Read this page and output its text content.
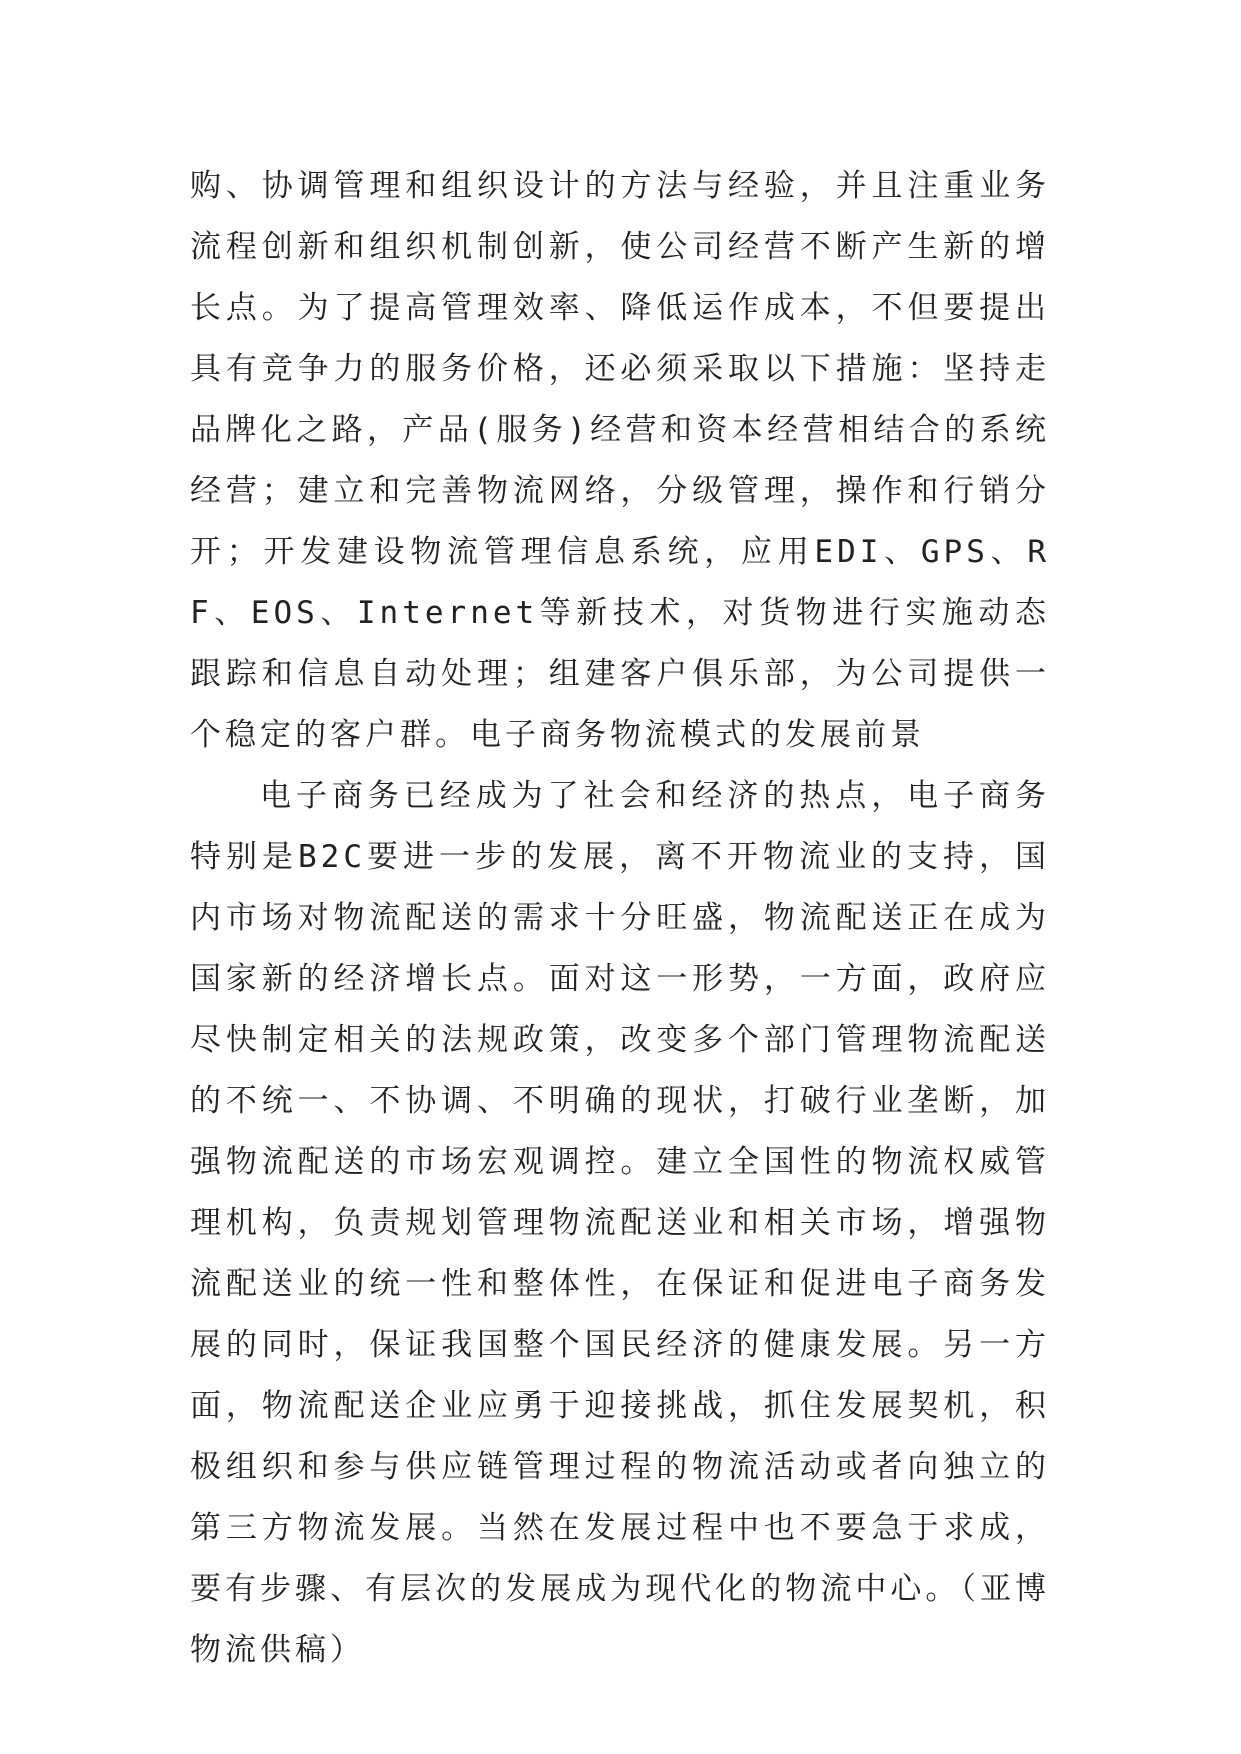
购、协调管理和组织设计的方法与经验，并且注重业务流程创新和组织机制创新，使公司经营不断产生新的增长点。为了提高管理效率、降低运作成本，不但要提出具有竞争力的服务价格，还必须采取以下措施：坚持走品牌化之路，产品(服务)经营和资本经营相结合的系统经营；建立和完善物流网络，分级管理，操作和行销分开；开发建设物流管理信息系统，应用EDI、GPS、RF、EOS、Internet等新技术，对货物进行实施动态跟踪和信息自动处理；组建客户俱乐部，为公司提供一个稳定的客户群。电子商务物流模式的发展前景

电子商务已经成为了社会和经济的热点，电子商务特别是B2C要进一步的发展，离不开物流业的支持，国内市场对物流配送的需求十分旺盛，物流配送正在成为国家新的经济增长点。面对这一形势，一方面，政府应尽快制定相关的法规政策，改变多个部门管理物流配送的不统一、不协调、不明确的现状，打破行业垄断，加强物流配送的市场宏观调控。建立全国性的物流权威管理机构，负责规划管理物流配送业和相关市场，增强物流配送业的统一性和整体性，在保证和促进电子商务发展的同时，保证我国整个国民经济的健康发展。另一方面，物流配送企业应勇于迎接挑战，抓住发展契机，积极组织和参与供应链管理过程的物流活动或者向独立的第三方物流发展。当然在发展过程中也不要急于求成，要有步骤、有层次的发展成为现代化的物流中心。（亚博物流供稿）
